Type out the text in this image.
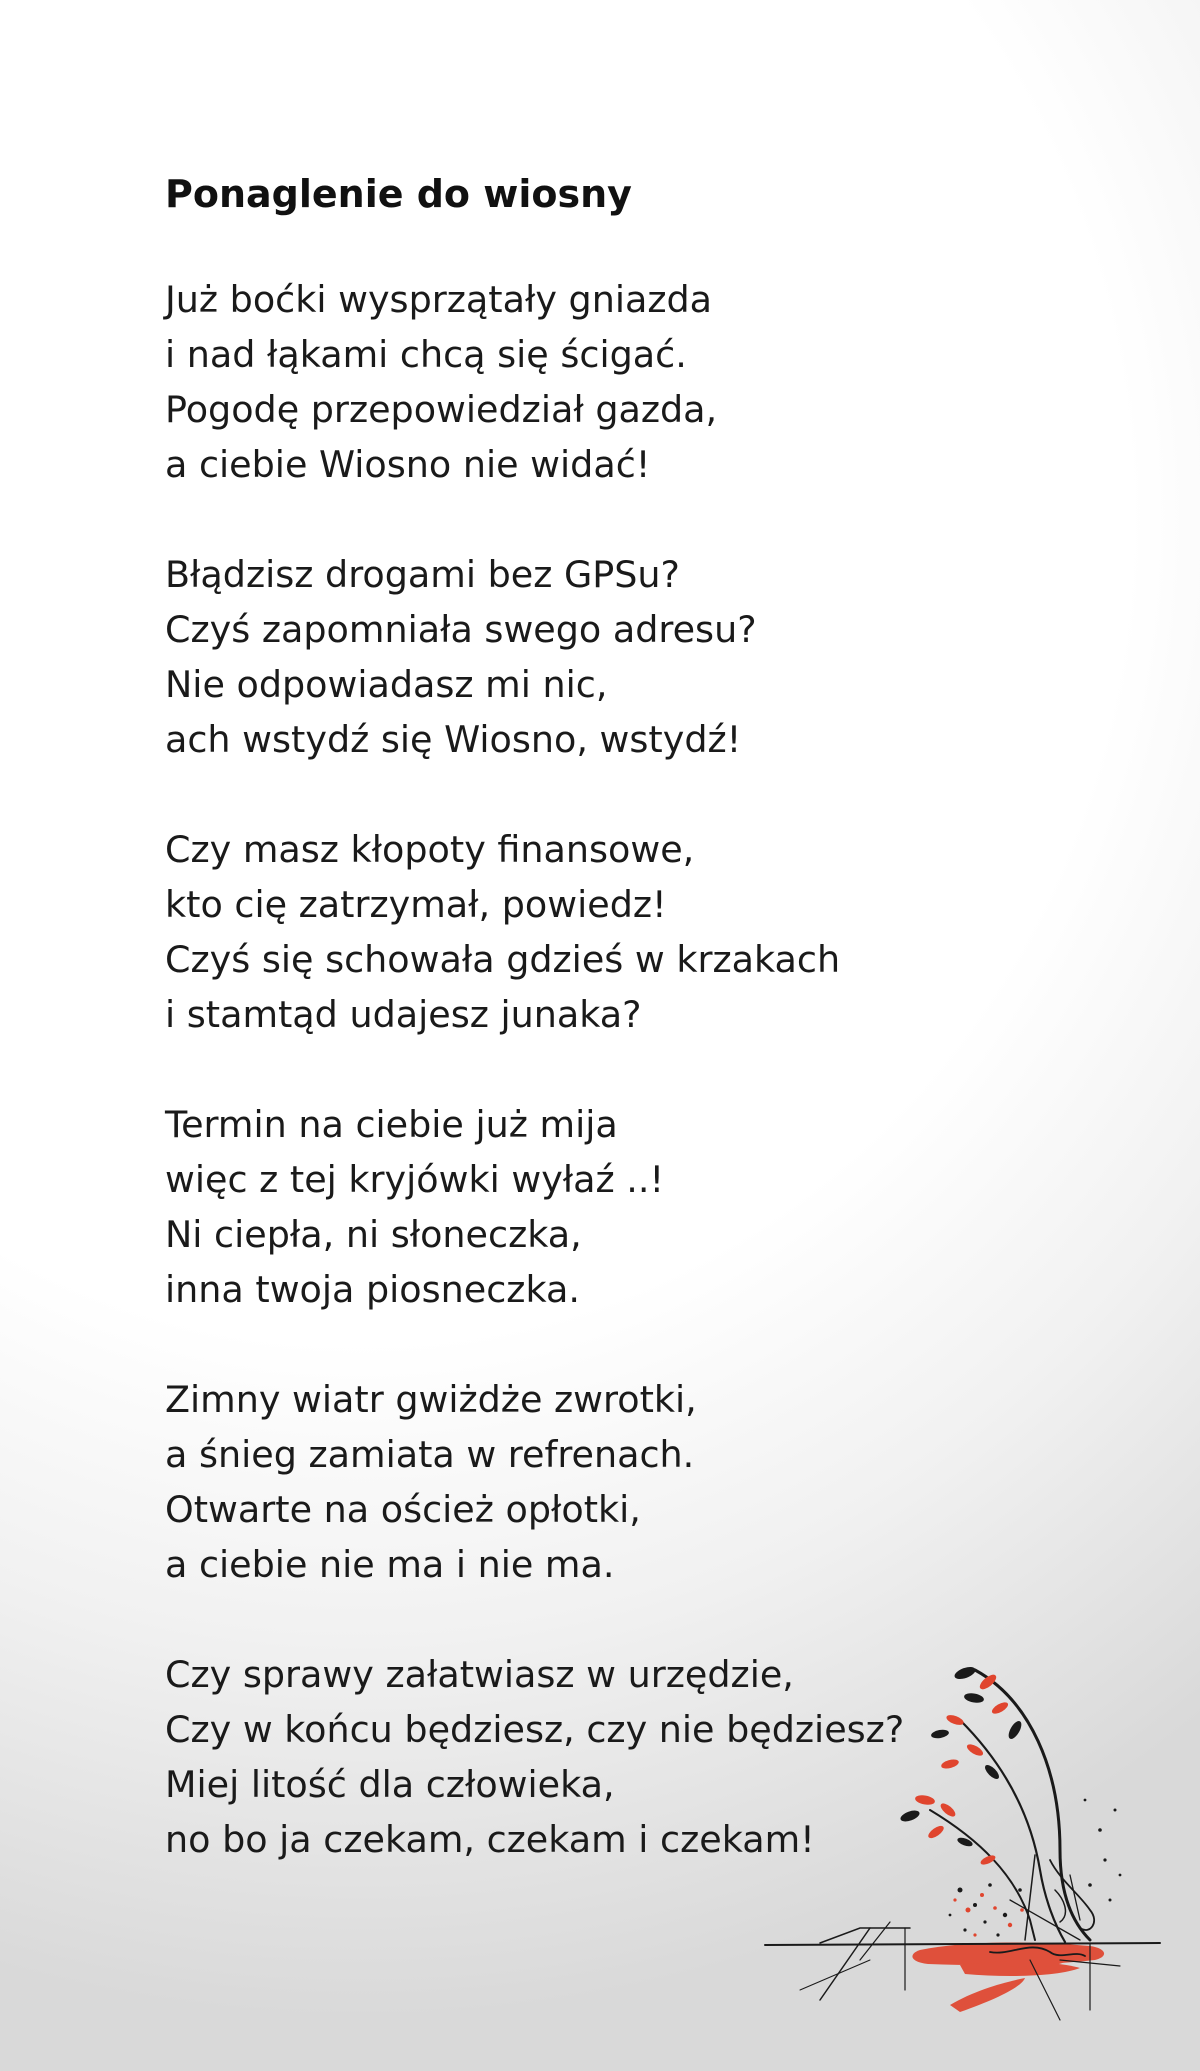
Ponaglenie do wiosny
Już boćki wysprzątały gniazda
i nad łąkami chcą się ścigać.
Pogodę przepowiedział gazda,
a ciebie Wiosno nie widać!
Błądzisz drogami bez GPSu?
Czyś zapomniała swego adresu?
Nie odpowiadasz mi nic,
ach wstydź się Wiosno, wstydź!
Czy masz kłopoty finansowe,
kto cię zatrzymał, powiedz!
Czyś się schowała gdzieś w krzakach
i stamtąd udajesz junaka?
Termin na ciebie już mija
więc z tej kryjówki wyłaź ..!
Ni ciepła, ni słoneczka,
inna twoja piosneczka.
Zimny wiatr gwiżdże zwrotki,
a śnieg zamiata w refrenach.
Otwarte na oścież opłotki,
a ciebie nie ma i nie ma.
Czy sprawy załatwiasz w urzędzie,
Czy w końcu będziesz, czy nie będziesz?
Miej litość dla człowieka,
no bo ja czekam, czekam i czekam!
